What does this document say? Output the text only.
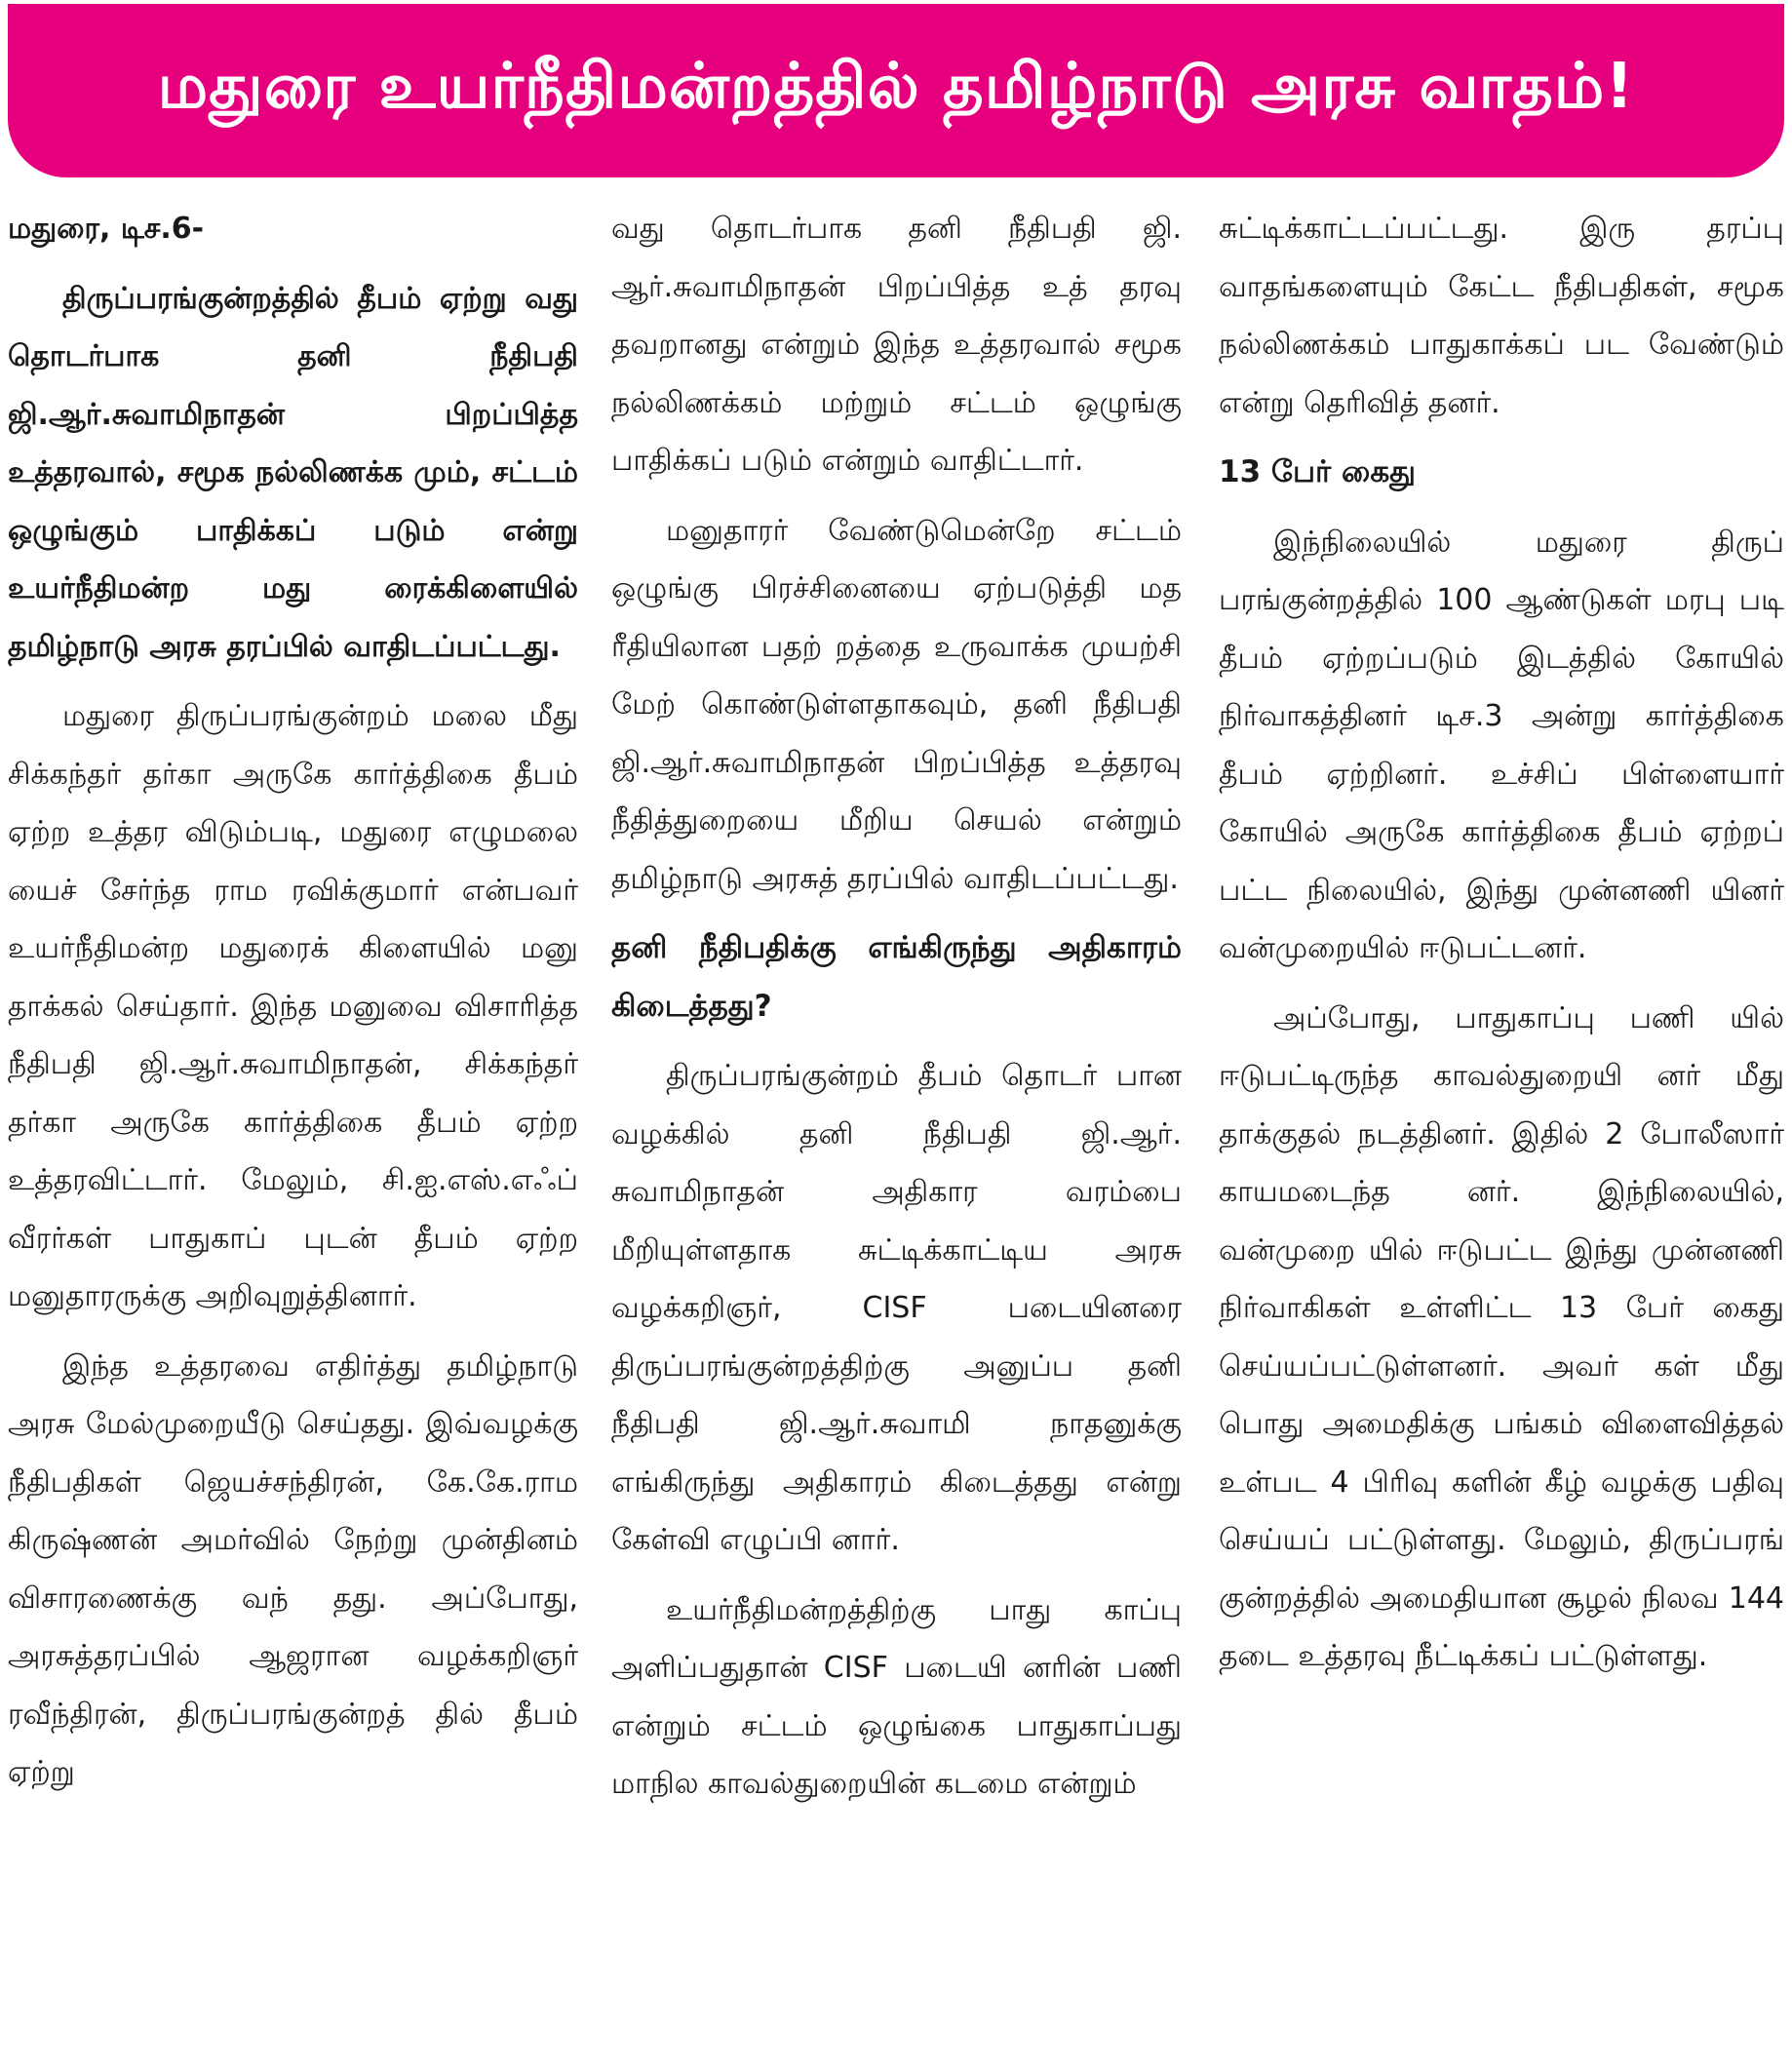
மதுரை உயர்நீதிமன்றத்தில் தமிழ்நாடு அரசு வாதம்!

மதுரை, டிச.6-

திருப்பரங்குன்றத்தில் தீபம் ஏற்று வது தொடர்பாக தனி நீதிபதி ஜி.ஆர்.சுவாமிநாதன் பிறப்பித்த உத்தரவால், சமூக நல்லிணக்க மும், சட்டம் ஒழுங்கும் பாதிக்கப் படும் என்று உயர்நீதிமன்ற மது ரைக்கிளையில் தமிழ்நாடு அரசு தரப்பில் வாதிடப்பட்டது.

மதுரை திருப்பரங்குன்றம் மலை மீது சிக்கந்தர் தர்கா அருகே கார்த்திகை தீபம் ஏற்ற உத்தர விடும்படி, மதுரை எழுமலை யைச் சேர்ந்த ராம ரவிக்குமார் என்பவர் உயர்நீதிமன்ற மதுரைக் கிளையில் மனு தாக்கல் செய்தார். இந்த மனுவை விசாரித்த நீதிபதி ஜி.ஆர்.சுவாமிநாதன், சிக்கந்தர் தர்கா அருகே கார்த்திகை தீபம் ஏற்ற உத்தரவிட்டார். மேலும், சி.ஐ.எஸ்.எஃப் வீரர்கள் பாதுகாப் புடன் தீபம் ஏற்ற மனுதாரருக்கு அறிவுறுத்தினார்.

இந்த உத்தரவை எதிர்த்து தமிழ்நாடு அரசு மேல்முறையீடு செய்தது. இவ்வழக்கு நீதிபதிகள் ஜெயச்சந்திரன், கே.கே.ராம கிருஷ்ணன் அமர்வில் நேற்று முன்தினம் விசாரணைக்கு வந் தது. அப்போது, அரசுத்தரப்பில் ஆஜரான வழக்கறிஞர் ரவீந்திரன், திருப்பரங்குன்றத் தில் தீபம் ஏற்று

வது தொடர்பாக தனி நீதிபதி ஜி. ஆர்.சுவாமிநாதன் பிறப்பித்த உத் தரவு தவறானது என்றும் இந்த உத்தரவால் சமூக நல்லிணக்கம் மற்றும் சட்டம் ஒழுங்கு பாதிக்கப் படும் என்றும் வாதிட்டார்.

மனுதாரர் வேண்டுமென்றே சட்டம் ஒழுங்கு பிரச்சினையை ஏற்படுத்தி மத ரீதியிலான பதற் றத்தை உருவாக்க முயற்சி மேற் கொண்டுள்ளதாகவும், தனி நீதிபதி ஜி.ஆர்.சுவாமிநாதன் பிறப்பித்த உத்தரவு நீதித்துறையை மீறிய செயல் என்றும் தமிழ்நாடு அரசுத் தரப்பில் வாதிடப்பட்டது.

தனி நீதிபதிக்கு எங்கிருந்து அதிகாரம் கிடைத்தது?

திருப்பரங்குன்றம் தீபம் தொடர் பான வழக்கில் தனி நீதிபதி ஜி.ஆர். சுவாமிநாதன் அதிகார வரம்பை மீறியுள்ளதாக சுட்டிக்காட்டிய அரசு வழக்கறிஞர், CISF படையினரை திருப்பரங்குன்றத்திற்கு அனுப்ப தனி நீதிபதி ஜி.ஆர்.சுவாமி நாதனுக்கு எங்கிருந்து அதிகாரம் கிடைத்தது என்று கேள்வி எழுப்பி னார்.

உயர்நீதிமன்றத்திற்கு பாது காப்பு அளிப்பதுதான் CISF படையி னரின் பணி என்றும் சட்டம் ஒழுங்கை பாதுகாப்பது மாநில காவல்துறையின் கடமை என்றும்

சுட்டிக்காட்டப்பட்டது. இரு தரப்பு வாதங்களையும் கேட்ட நீதிபதிகள், சமூக நல்லிணக்கம் பாதுகாக்கப் பட வேண்டும் என்று தெரிவித் தனர்.

13 பேர் கைது

இந்நிலையில் மதுரை திருப் பரங்குன்றத்தில் 100 ஆண்டுகள் மரபு படி தீபம் ஏற்றப்படும் இடத்தில் கோயில் நிர்வாகத்தினர் டிச.3 அன்று கார்த்திகை தீபம் ஏற்றினர். உச்சிப் பிள்ளையார் கோயில் அருகே கார்த்திகை தீபம் ஏற்றப் பட்ட நிலையில், இந்து முன்னணி யினர் வன்முறையில் ஈடுபட்டனர்.

அப்போது, பாதுகாப்பு பணி யில் ஈடுபட்டிருந்த காவல்துறையி னர் மீது தாக்குதல் நடத்தினர். இதில் 2 போலீஸார் காயமடைந்த னர். இந்நிலையில், வன்முறை யில் ஈடுபட்ட இந்து முன்னணி நிர்வாகிகள் உள்ளிட்ட 13 பேர் கைது செய்யப்பட்டுள்ளனர். அவர் கள் மீது பொது அமைதிக்கு பங்கம் விளைவித்தல் உள்பட 4 பிரிவு களின் கீழ் வழக்கு பதிவு செய்யப் பட்டுள்ளது. மேலும், திருப்பரங் குன்றத்தில் அமைதியான சூழல் நிலவ 144 தடை உத்தரவு நீட்டிக்கப் பட்டுள்ளது.
